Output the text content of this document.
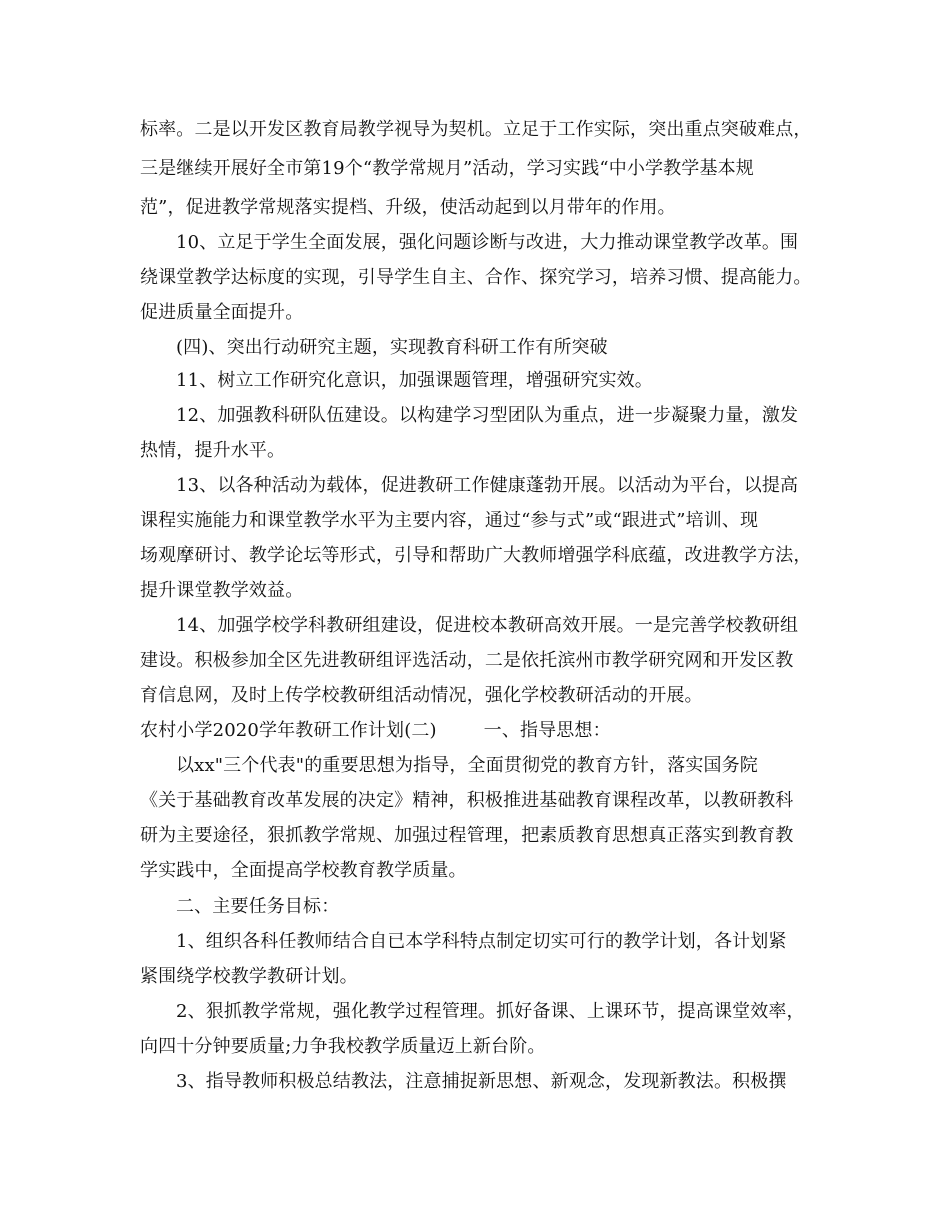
标率。二是以开发区教育局教学视导为契机。立足于工作实际，突出重点突破难点，
三是继续开展好全市第19个“教学常规月”活动，学习实践“中小学教学基本规
范”，促进教学常规落实提档、升级，使活动起到以月带年的作用。
10、立足于学生全面发展，强化问题诊断与改进，大力推动课堂教学改革。围
绕课堂教学达标度的实现，引导学生自主、合作、探究学习，培养习惯、提高能力。
促进质量全面提升。
(四)、突出行动研究主题，实现教育科研工作有所突破
11、树立工作研究化意识，加强课题管理，增强研究实效。
12、加强教科研队伍建设。以构建学习型团队为重点，进一步凝聚力量，激发
热情，提升水平。
13、以各种活动为载体，促进教研工作健康蓬勃开展。以活动为平台，以提高
课程实施能力和课堂教学水平为主要内容，通过“参与式”或“跟进式”培训、现
场观摩研讨、教学论坛等形式，引导和帮助广大教师增强学科底蕴，改进教学方法，
提升课堂教学效益。
14、加强学校学科教研组建设，促进校本教研高效开展。一是完善学校教研组
建设。积极参加全区先进教研组评选活动，二是依托滨州市教学研究网和开发区教
育信息网，及时上传学校教研组活动情况，强化学校教研活动的开展。
农村小学2020学年教研工作计划(二)        一、指导思想：
以xx"三个代表"的重要思想为指导，全面贯彻党的教育方针，落实国务院
《关于基础教育改革发展的决定》精神，积极推进基础教育课程改革，以教研教科
研为主要途径，狠抓教学常规、加强过程管理，把素质教育思想真正落实到教育教
学实践中，全面提高学校教育教学质量。
二、主要任务目标：
1、组织各科任教师结合自已本学科特点制定切实可行的教学计划，各计划紧
紧围绕学校教学教研计划。
2、狠抓教学常规，强化教学过程管理。抓好备课、上课环节，提高课堂效率，
向四十分钟要质量;力争我校教学质量迈上新台阶。
3、指导教师积极总结教法，注意捕捉新思想、新观念，发现新教法。积极撰
